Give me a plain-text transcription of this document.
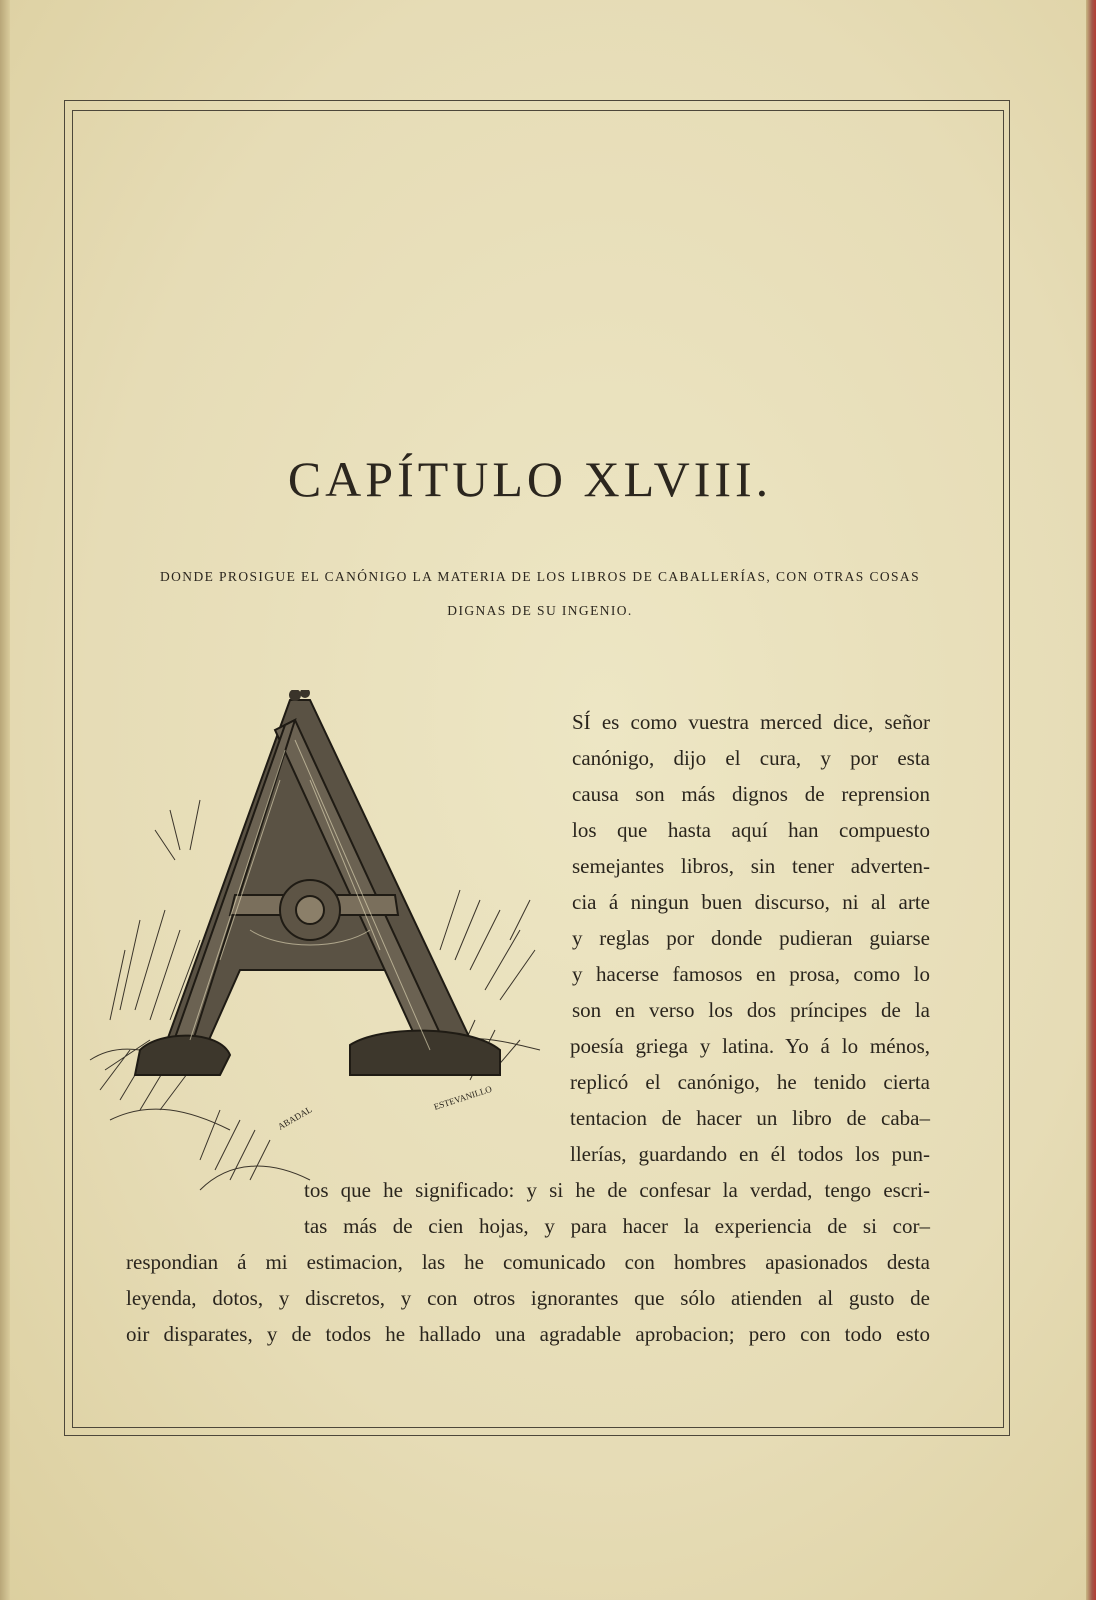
CAPÍTULO XLVIII.
DONDE PROSIGUE EL CANÓNIGO LA MATERIA DE LOS LIBROS DE CABALLERÍAS, CON OTRAS COSAS
DIGNAS DE SU INGENIO.
ESTEVANILLO
ABADAL
SÍ es como vuestra merced dice, señor
canónigo, dijo el cura, y por esta
causa son más dignos de reprension
los que hasta aquí han compuesto
semejantes libros, sin tener adverten-
cia á ningun buen discurso, ni al arte
y reglas por donde pudieran guiarse
y hacerse famosos en prosa, como lo
son en verso los dos príncipes de la
poesía griega y latina. Yo á lo ménos,
replicó el canónigo, he tenido cierta
tentacion de hacer un libro de caba–
llerías, guardando en él todos los pun-
tos que he significado: y si he de confesar la verdad, tengo escri-
tas más de cien hojas, y para hacer la experiencia de si cor–
respondian á mi estimacion, las he comunicado con hombres apasionados desta
leyenda, dotos, y discretos, y con otros ignorantes que sólo atienden al gusto de
oir disparates, y de todos he hallado una agradable aprobacion; pero con todo esto
